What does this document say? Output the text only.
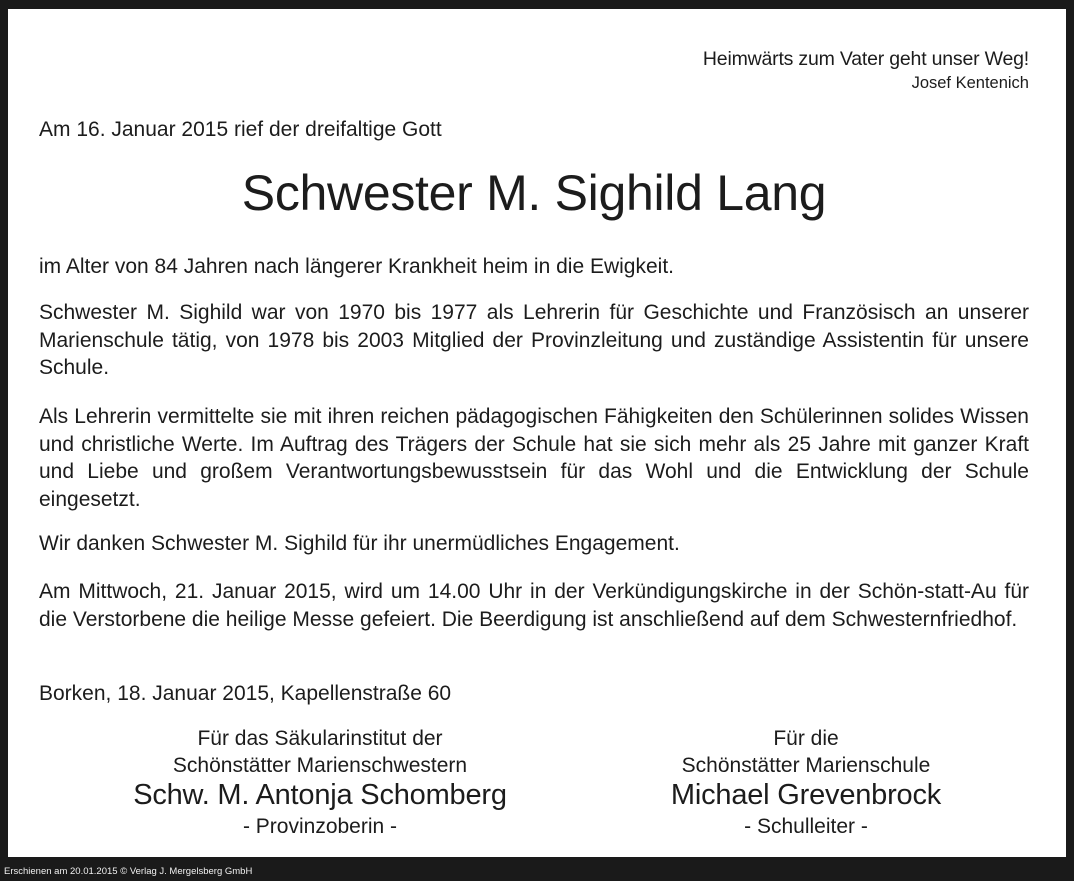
Heimwärts zum Vater geht unser Weg!
Josef Kentenich
Am 16. Januar 2015 rief der dreifaltige Gott
Schwester M. Sighild Lang
im Alter von 84 Jahren nach längerer Krankheit heim in die Ewigkeit.
Schwester M. Sighild war von 1970 bis 1977 als Lehrerin für Geschichte und Französisch an unserer Marienschule tätig, von 1978 bis 2003 Mitglied der Provinzleitung und zuständige Assistentin für unsere Schule.
Als Lehrerin vermittelte sie mit ihren reichen pädagogischen Fähigkeiten den Schülerinnen solides Wissen und christliche Werte. Im Auftrag des Trägers der Schule hat sie sich mehr als 25 Jahre mit ganzer Kraft und Liebe und großem Verantwortungsbewusstsein für das Wohl und die Entwicklung der Schule eingesetzt.
Wir danken Schwester M. Sighild für ihr unermüdliches Engagement.
Am Mittwoch, 21. Januar 2015, wird um 14.00 Uhr in der Verkündigungskirche in der Schön-statt-Au für die Verstorbene die heilige Messe gefeiert. Die Beerdigung ist anschließend auf dem Schwesternfriedhof.
Borken, 18. Januar 2015, Kapellenstraße 60
Für das Säkularinstitut der
Schönstätter Marienschwestern
Schw. M. Antonja Schomberg
- Provinzoberin -
Für die
Schönstätter Marienschule
Michael Grevenbrock
- Schulleiter -
Erschienen am 20.01.2015 © Verlag J. Mergelsberg GmbH
